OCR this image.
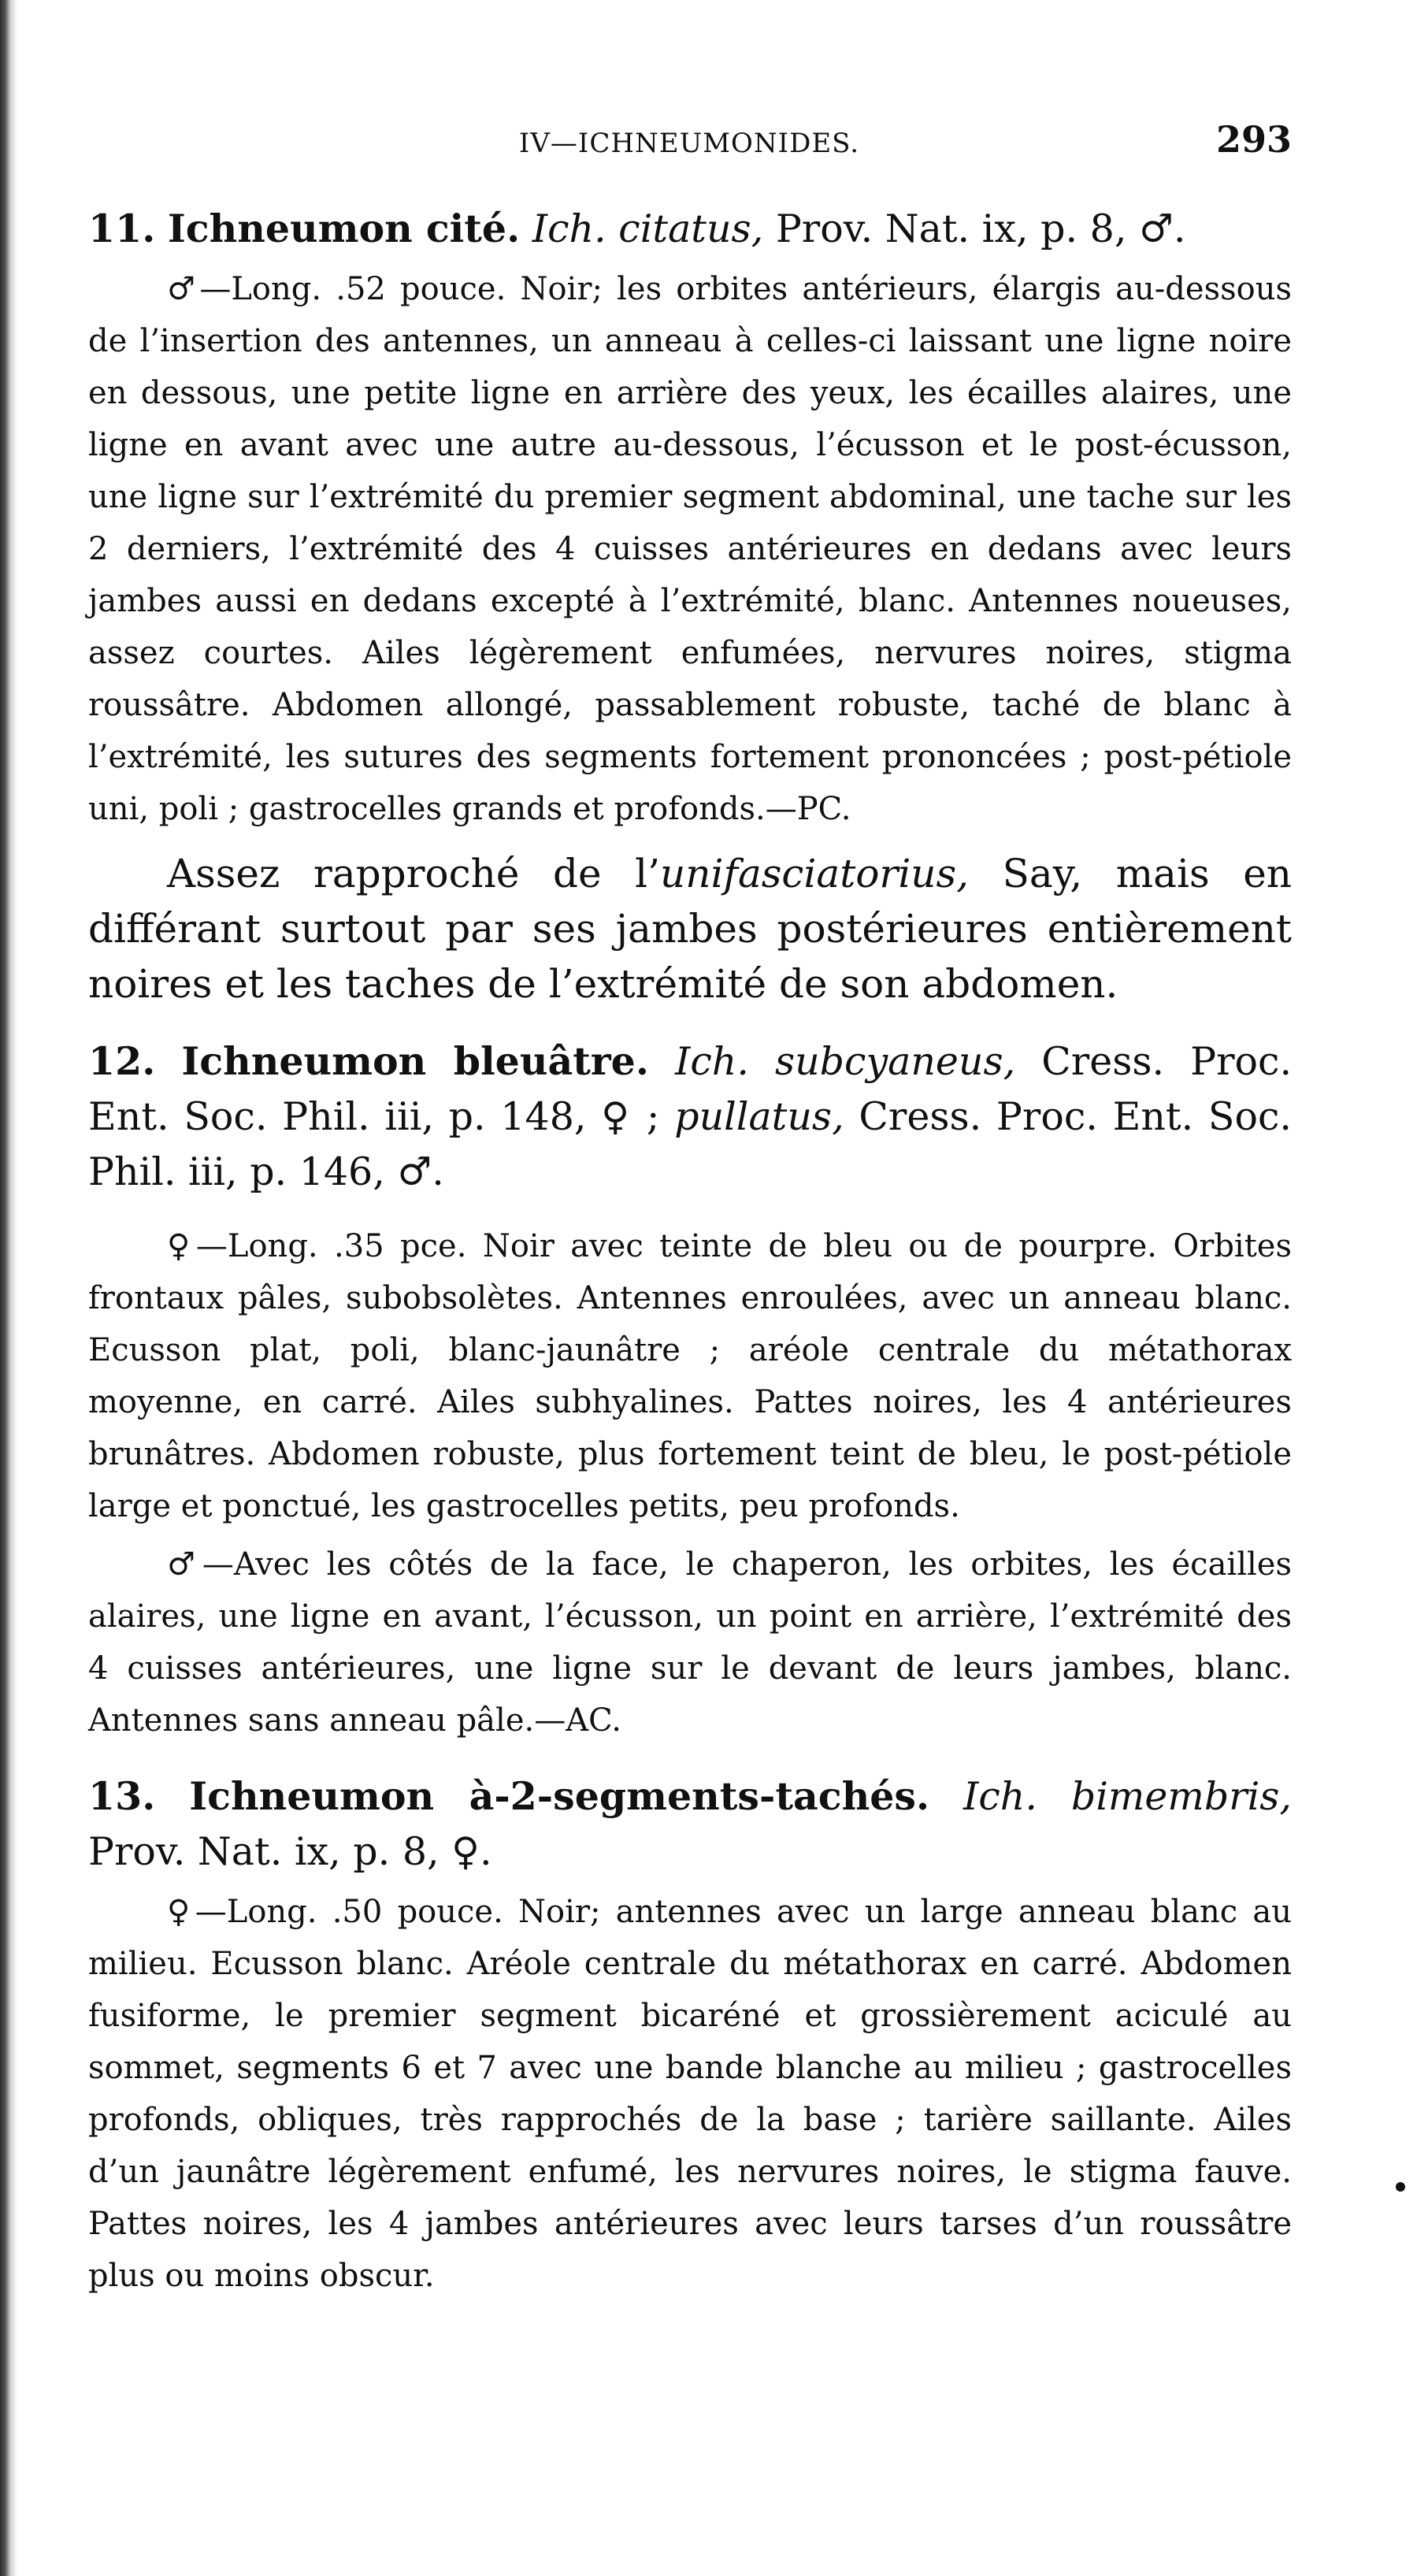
IV—ICHNEUMONIDES.	293

11. Ichneumon cité. Ich. citatus, Prov. Nat. ix, p. 8, ♂.

♂—Long. .52 pouce. Noir; les orbites antérieurs, élargis au-dessous de l’insertion des antennes, un anneau à celles-ci laissant une ligne noire en dessous, une petite ligne en arrière des yeux, les écailles alaires, une ligne en avant avec une autre au-dessous, l’écusson et le post-écusson, une ligne sur l’extrémité du premier segment abdominal, une tache sur les 2 derniers, l’extrémité des 4 cuisses antérieures en dedans avec leurs jambes aussi en dedans excepté à l’extrémité, blanc. Antennes noueuses, assez courtes. Ailes légèrement enfumées, nervures noires, stigma roussâtre. Abdomen allongé, passablement robuste, taché de blanc à l’extrémité, les sutures des segments fortement prononcées ; post-pétiole uni, poli ; gastrocelles grands et profonds.—PC.

Assez rapproché de l’unifasciatorius, Say, mais en différant surtout par ses jambes postérieures entièrement noires et les taches de l’extrémité de son abdomen.

12. Ichneumon bleuâtre. Ich. subcyaneus, Cress. Proc. Ent. Soc. Phil. iii, p. 148, ♀ ; pullatus, Cress. Proc. Ent. Soc. Phil. iii, p. 146, ♂.

♀—Long. .35 pce. Noir avec teinte de bleu ou de pourpre. Orbites frontaux pâles, subobsolètes. Antennes enroulées, avec un anneau blanc. Ecusson plat, poli, blanc-jaunâtre ; aréole centrale du métathorax moyenne, en carré. Ailes subhyalines. Pattes noires, les 4 antérieures brunâtres. Abdomen robuste, plus fortement teint de bleu, le post-pétiole large et ponctué, les gastrocelles petits, peu profonds.

♂—Avec les côtés de la face, le chaperon, les orbites, les écailles alaires, une ligne en avant, l’écusson, un point en arrière, l’extrémité des 4 cuisses antérieures, une ligne sur le devant de leurs jambes, blanc. Antennes sans anneau pâle.—AC.

13. Ichneumon à-2-segments-tachés. Ich. bimembris, Prov. Nat. ix, p. 8, ♀.

♀—Long. .50 pouce. Noir; antennes avec un large anneau blanc au milieu. Ecusson blanc. Aréole centrale du métathorax en carré. Abdomen fusiforme, le premier segment bicaréné et grossièrement aciculé au sommet, segments 6 et 7 avec une bande blanche au milieu ; gastrocelles profonds, obliques, très rapprochés de la base ; tarière saillante. Ailes d’un jaunâtre légèrement enfumé, les nervures noires, le stigma fauve. Pattes noires, les 4 jambes antérieures avec leurs tarses d’un roussâtre plus ou moins obscur.
